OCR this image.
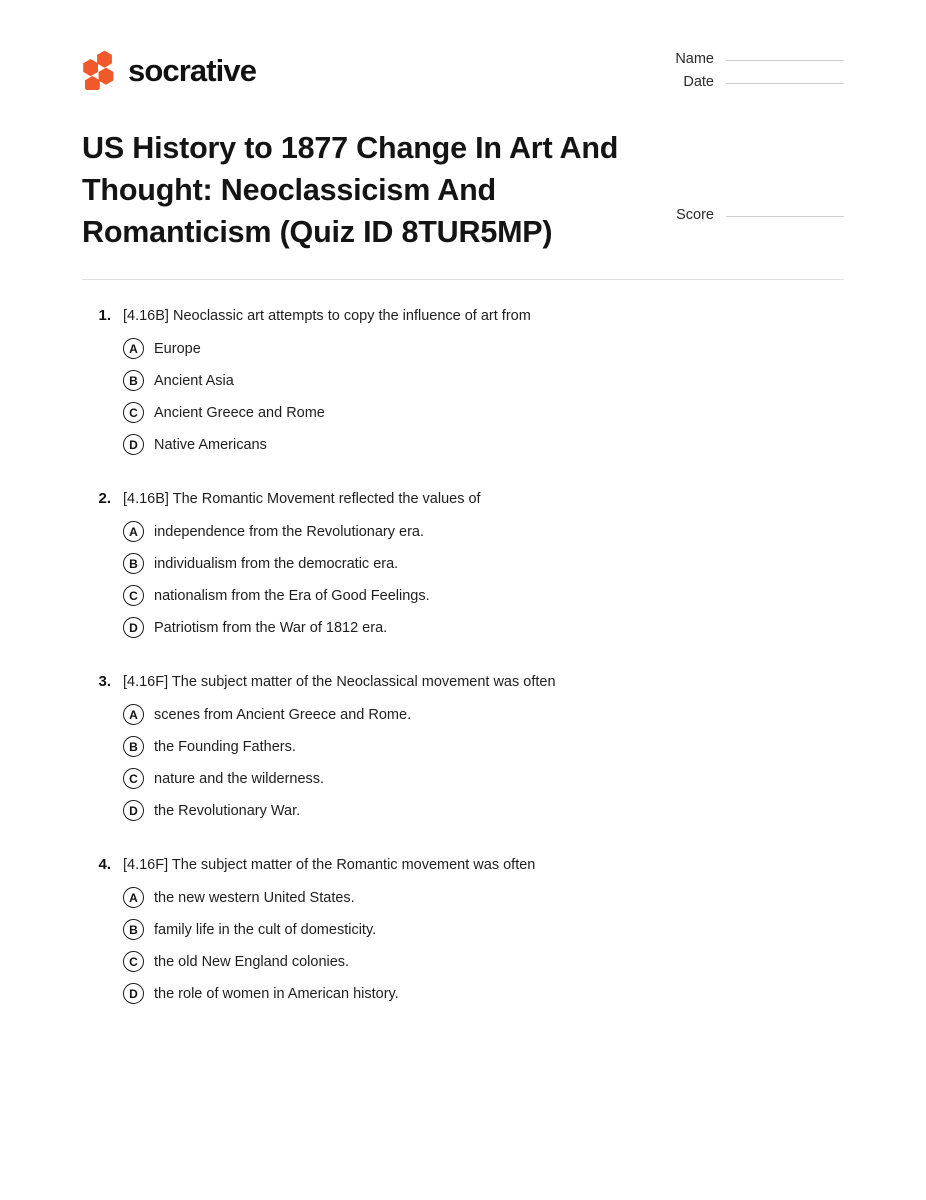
socrative	Name
Date
US History to 1877 Change In Art And Thought: Neoclassicism And Romanticism (Quiz ID 8TUR5MP)	Score
1. [4.16B] Neoclassic art attempts to copy the influence of art from
A	Europe
B	Ancient Asia
C	Ancient Greece and Rome
D	Native Americans
2. [4.16B] The Romantic Movement reflected the values of
A	independence from the Revolutionary era.
B	individualism from the democratic era.
C	nationalism from the Era of Good Feelings.
D	Patriotism from the War of 1812 era.
3. [4.16F] The subject matter of the Neoclassical movement was often
A	scenes from Ancient Greece and Rome.
B	the Founding Fathers.
C	nature and the wilderness.
D	the Revolutionary War.
4. [4.16F] The subject matter of the Romantic movement was often
A	the new western United States.
B	family life in the cult of domesticity.
C	the old New England colonies.
D	the role of women in American history.
